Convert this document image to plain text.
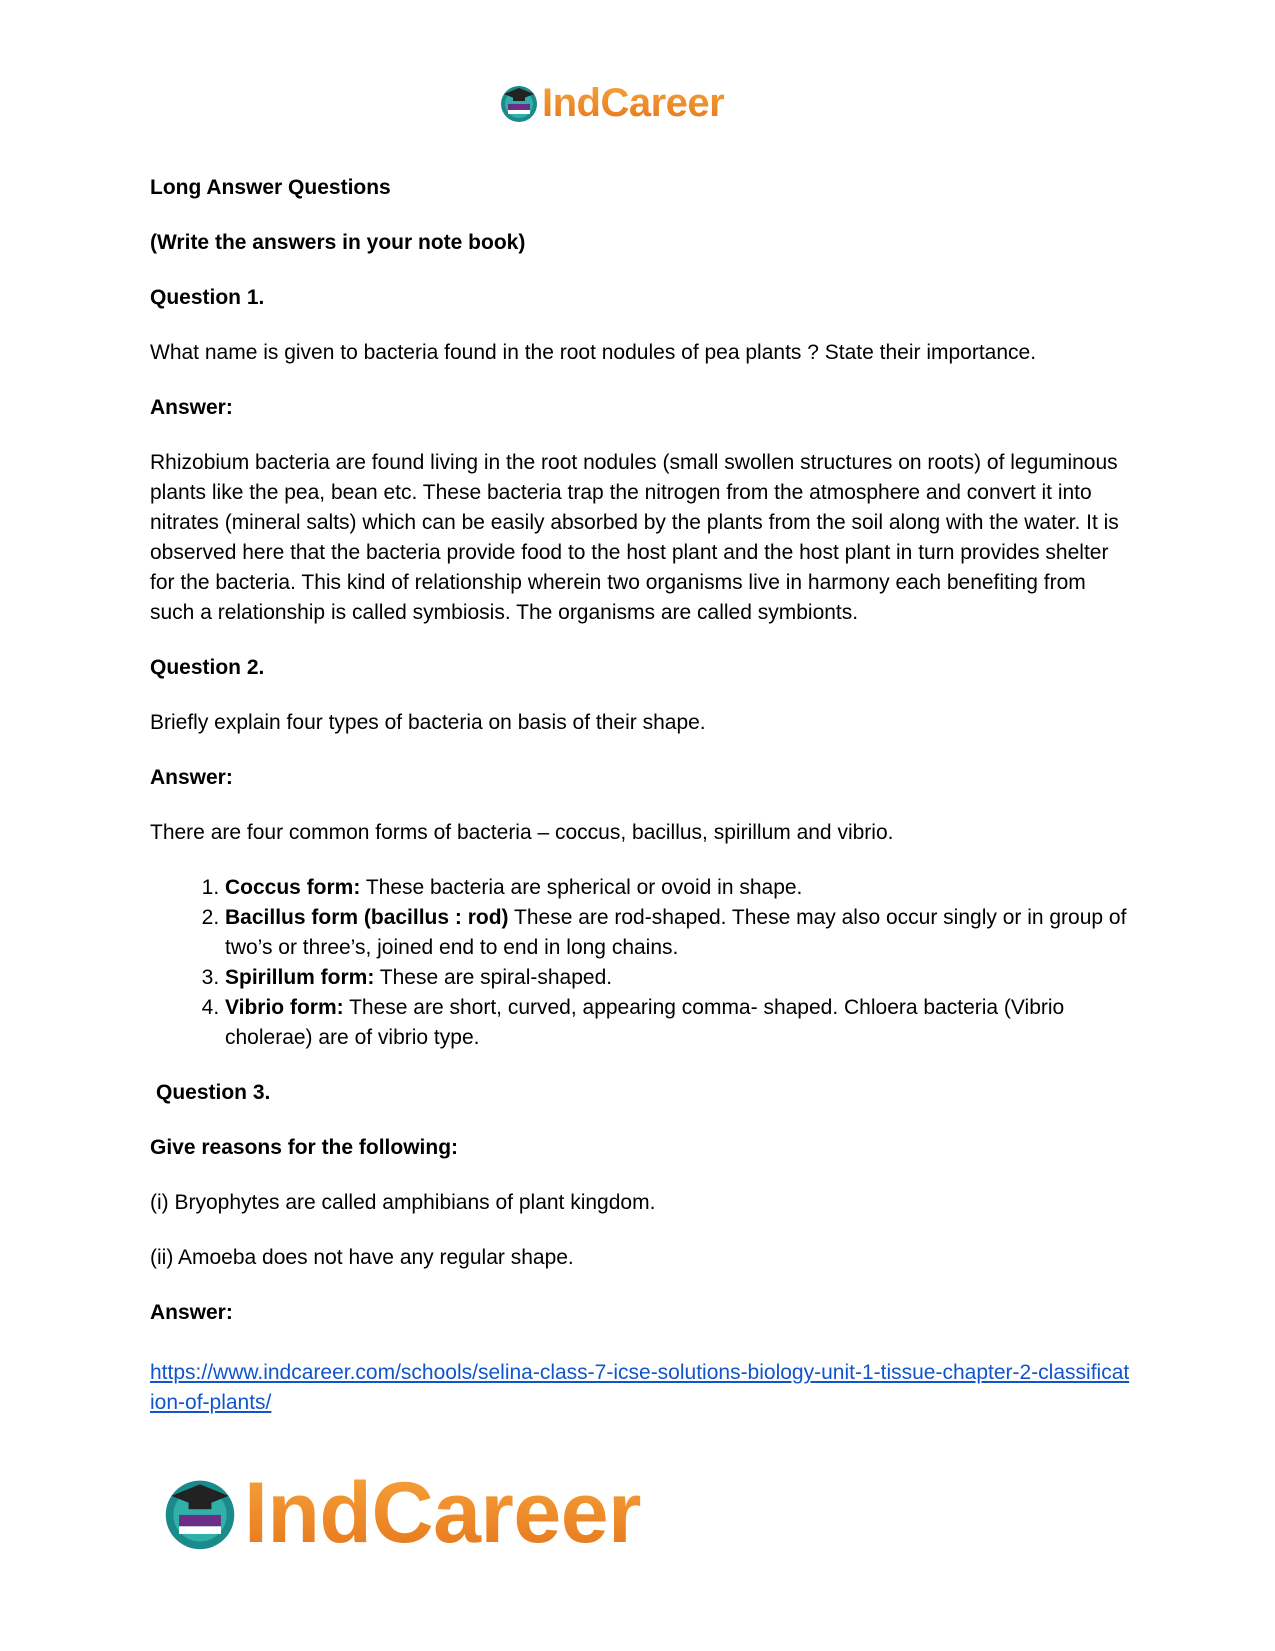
IndCareer

Long Answer Questions

(Write the answers in your note book)

Question 1.

What name is given to bacteria found in the root nodules of pea plants ? State their importance.

Answer:

Rhizobium bacteria are found living in the root nodules (small swollen structures on roots) of leguminous plants like the pea, bean etc. These bacteria trap the nitrogen from the atmosphere and convert it into nitrates (mineral salts) which can be easily absorbed by the plants from the soil along with the water. It is observed here that the bacteria provide food to the host plant and the host plant in turn provides shelter for the bacteria. This kind of relationship wherein two organisms live in harmony each benefiting from such a relationship is called symbiosis. The organisms are called symbionts.

Question 2.

Briefly explain four types of bacteria on basis of their shape.

Answer:

There are four common forms of bacteria – coccus, bacillus, spirillum and vibrio.

1. Coccus form: These bacteria are spherical or ovoid in shape.
2. Bacillus form (bacillus : rod) These are rod-shaped. These may also occur singly or in group of two’s or three’s, joined end to end in long chains.
3. Spirillum form: These are spiral-shaped.
4. Vibrio form: These are short, curved, appearing comma- shaped. Chloera bacteria (Vibrio cholerae) are of vibrio type.

Question 3.

Give reasons for the following:

(i) Bryophytes are called amphibians of plant kingdom.

(ii) Amoeba does not have any regular shape.

Answer:

https://www.indcareer.com/schools/selina-class-7-icse-solutions-biology-unit-1-tissue-chapter-2-classification-of-plants/

IndCareer
